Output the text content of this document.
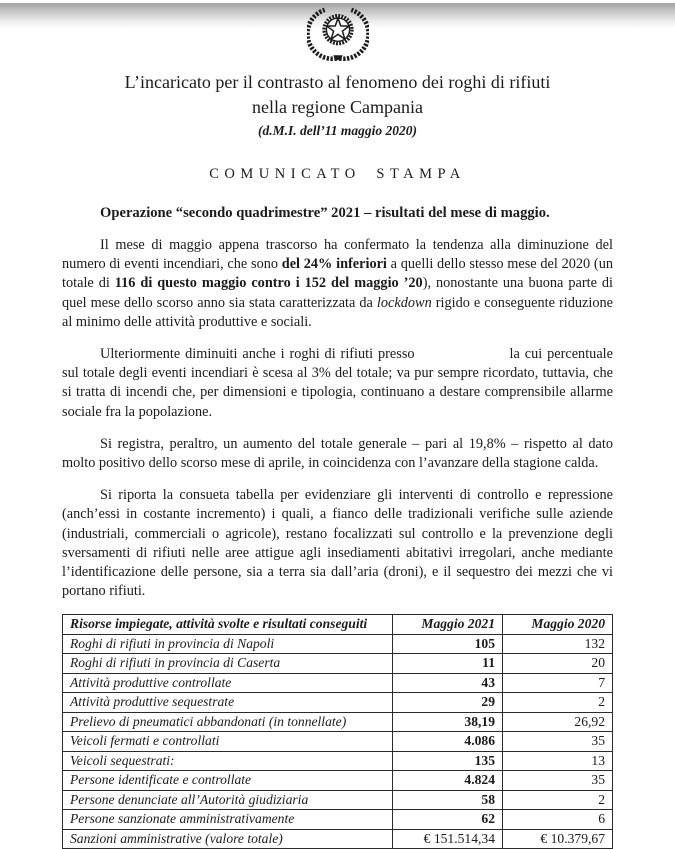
L’incaricato per il contrasto al fenomeno dei roghi di rifiuti
nella regione Campania
(d.M.I. dell’11 maggio 2020)
COMUNICATO STAMPA

Operazione “secondo quadrimestre” 2021 – risultati del mese di maggio.

Il mese di maggio appena trascorso ha confermato la tendenza alla diminuzione del numero di eventi incendiari, che sono del 24% inferiori a quelli dello stesso mese del 2020 (un totale di 116 di questo maggio contro i 152 del maggio ’20), nonostante una buona parte di quel mese dello scorso anno sia stata caratterizzata da lockdown rigido e conseguente riduzione al minimo delle attività produttive e sociali.

Ulteriormente diminuiti anche i roghi di rifiuti presso	la cui percentuale sul totale degli eventi incendiari è scesa al 3% del totale; va pur sempre ricordato, tuttavia, che si tratta di incendi che, per dimensioni e tipologia, continuano a destare comprensibile allarme sociale fra la popolazione.

Si registra, peraltro, un aumento del totale generale – pari al 19,8% – rispetto al dato molto positivo dello scorso mese di aprile, in coincidenza con l’avanzare della stagione calda.

Si riporta la consueta tabella per evidenziare gli interventi di controllo e repressione (anch’essi in costante incremento) i quali, a fianco delle tradizionali verifiche sulle aziende (industriali, commerciali o agricole), restano focalizzati sul controllo e la prevenzione degli sversamenti di rifiuti nelle aree attigue agli insediamenti abitativi irregolari, anche mediante l’identificazione delle persone, sia a terra sia dall’aria (droni), e il sequestro dei mezzi che vi portano rifiuti.

Risorse impiegate, attività svolte e risultati conseguiti	Maggio 2021	Maggio 2020
Roghi di rifiuti in provincia di Napoli	105	132
Roghi di rifiuti in provincia di Caserta	11	20
Attività produttive controllate	43	7
Attività produttive sequestrate	29	2
Prelievo di pneumatici abbandonati (in tonnellate)	38,19	26,92
Veicoli fermati e controllati	4.086	35
Veicoli sequestrati:	135	13
Persone identificate e controllate	4.824	35
Persone denunciate all’Autorità giudiziaria	58	2
Persone sanzionate amministrativamente	62	6
Sanzioni amministrative (valore totale)	€ 151.514,34	€ 10.379,67
